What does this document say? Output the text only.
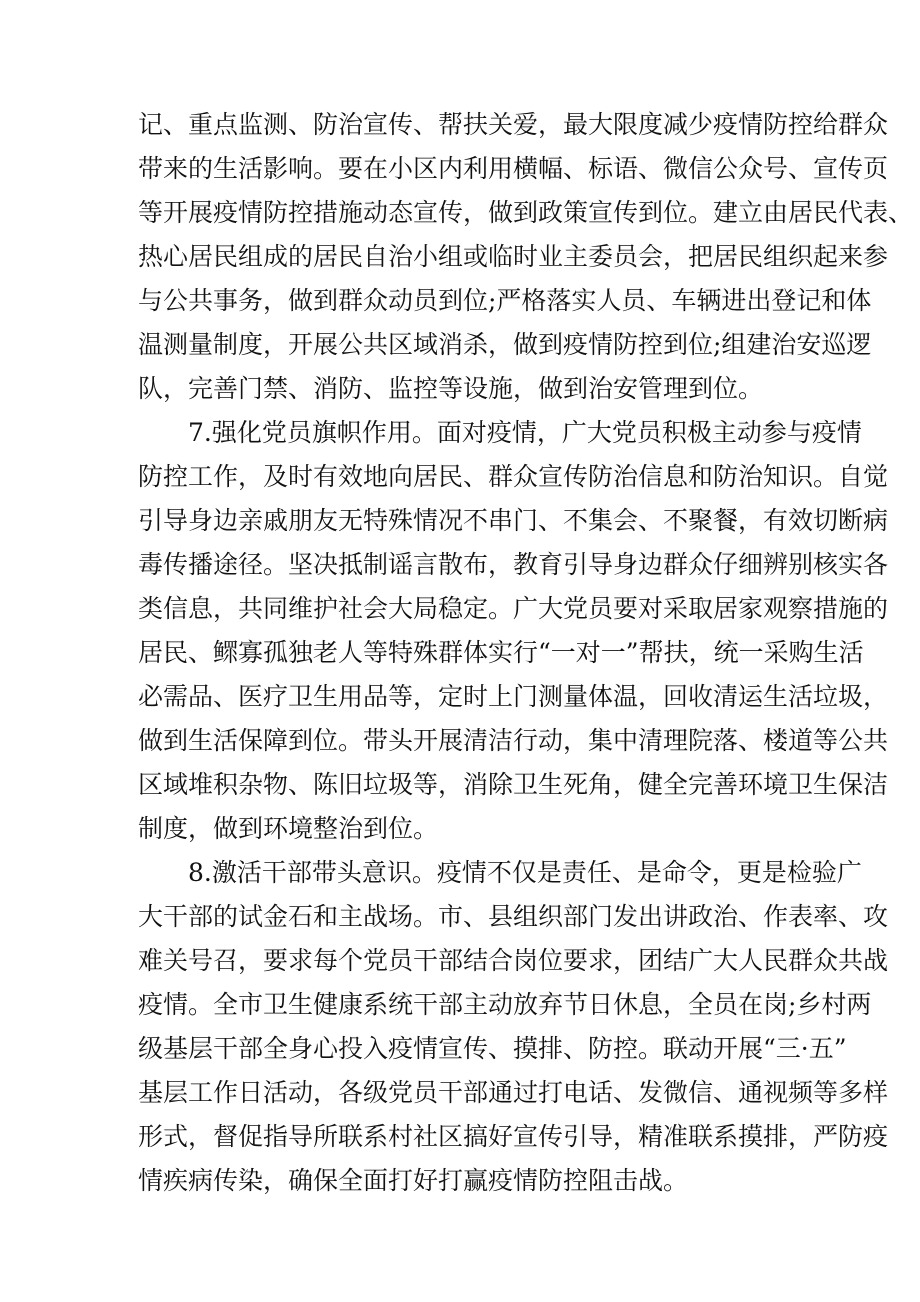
记、重点监测、防治宣传、帮扶关爱，最大限度减少疫情防控给群众
带来的生活影响。要在小区内利用横幅、标语、微信公众号、宣传页
等开展疫情防控措施动态宣传，做到政策宣传到位。建立由居民代表、
热心居民组成的居民自治小组或临时业主委员会，把居民组织起来参
与公共事务，做到群众动员到位;严格落实人员、车辆进出登记和体
温测量制度，开展公共区域消杀，做到疫情防控到位;组建治安巡逻
队，完善门禁、消防、监控等设施，做到治安管理到位。
7.强化党员旗帜作用。面对疫情，广大党员积极主动参与疫情
防控工作，及时有效地向居民、群众宣传防治信息和防治知识。自觉
引导身边亲戚朋友无特殊情况不串门、不集会、不聚餐，有效切断病
毒传播途径。坚决抵制谣言散布，教育引导身边群众仔细辨别核实各
类信息，共同维护社会大局稳定。广大党员要对采取居家观察措施的
居民、鳏寡孤独老人等特殊群体实行“一对一”帮扶，统一采购生活
必需品、医疗卫生用品等，定时上门测量体温，回收清运生活垃圾，
做到生活保障到位。带头开展清洁行动，集中清理院落、楼道等公共
区域堆积杂物、陈旧垃圾等，消除卫生死角，健全完善环境卫生保洁
制度，做到环境整治到位。
8.激活干部带头意识。疫情不仅是责任、是命令，更是检验广
大干部的试金石和主战场。市、县组织部门发出讲政治、作表率、攻
难关号召，要求每个党员干部结合岗位要求，团结广大人民群众共战
疫情。全市卫生健康系统干部主动放弃节日休息，全员在岗;乡村两
级基层干部全身心投入疫情宣传、摸排、防控。联动开展“三·五”
基层工作日活动，各级党员干部通过打电话、发微信、通视频等多样
形式，督促指导所联系村社区搞好宣传引导，精准联系摸排，严防疫
情疾病传染，确保全面打好打赢疫情防控阻击战。
